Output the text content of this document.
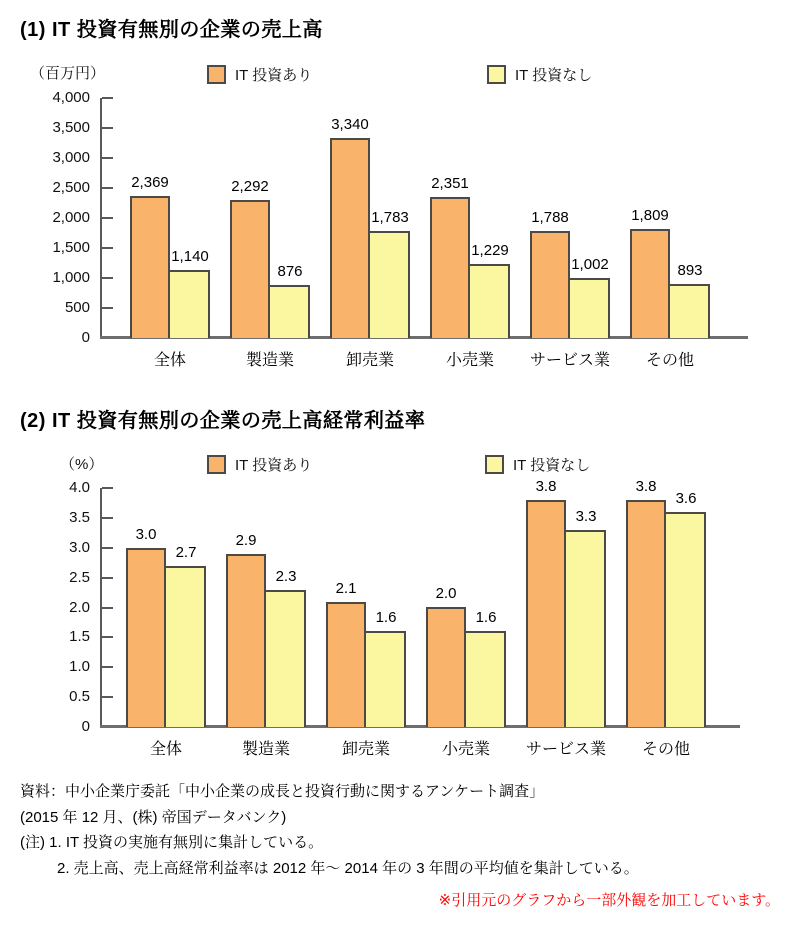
(1) IT 投資有無別の企業の売上高
（百万円）	IT 投資あり	IT 投資なし
0
500
1,000
1,500
2,000
2,500
3,000
3,500
4,000
2,369
1,140
全体
2,292
876
製造業
3,340
1,783
卸売業
2,351
1,229
小売業
1,788
1,002
サービス業
1,809
893
その他
(2) IT 投資有無別の企業の売上高経常利益率
（%）	IT 投資あり	IT 投資なし
0
0.5
1.0
1.5
2.0
2.5
3.0
3.5
4.0
3.0
2.7
全体
2.9
2.3
製造業
2.1
1.6
卸売業
2.0
1.6
小売業
3.8
3.3
サービス業
3.8
3.6
その他
資料：中小企業庁委託「中小企業の成長と投資行動に関するアンケート調査」
(2015 年 12 月、(株) 帝国データバンク)
(注) 1. IT 投資の実施有無別に集計している。
2. 売上高、売上高経常利益率は 2012 年～ 2014 年の 3 年間の平均値を集計している。
※引用元のグラフから一部外観を加工しています。
